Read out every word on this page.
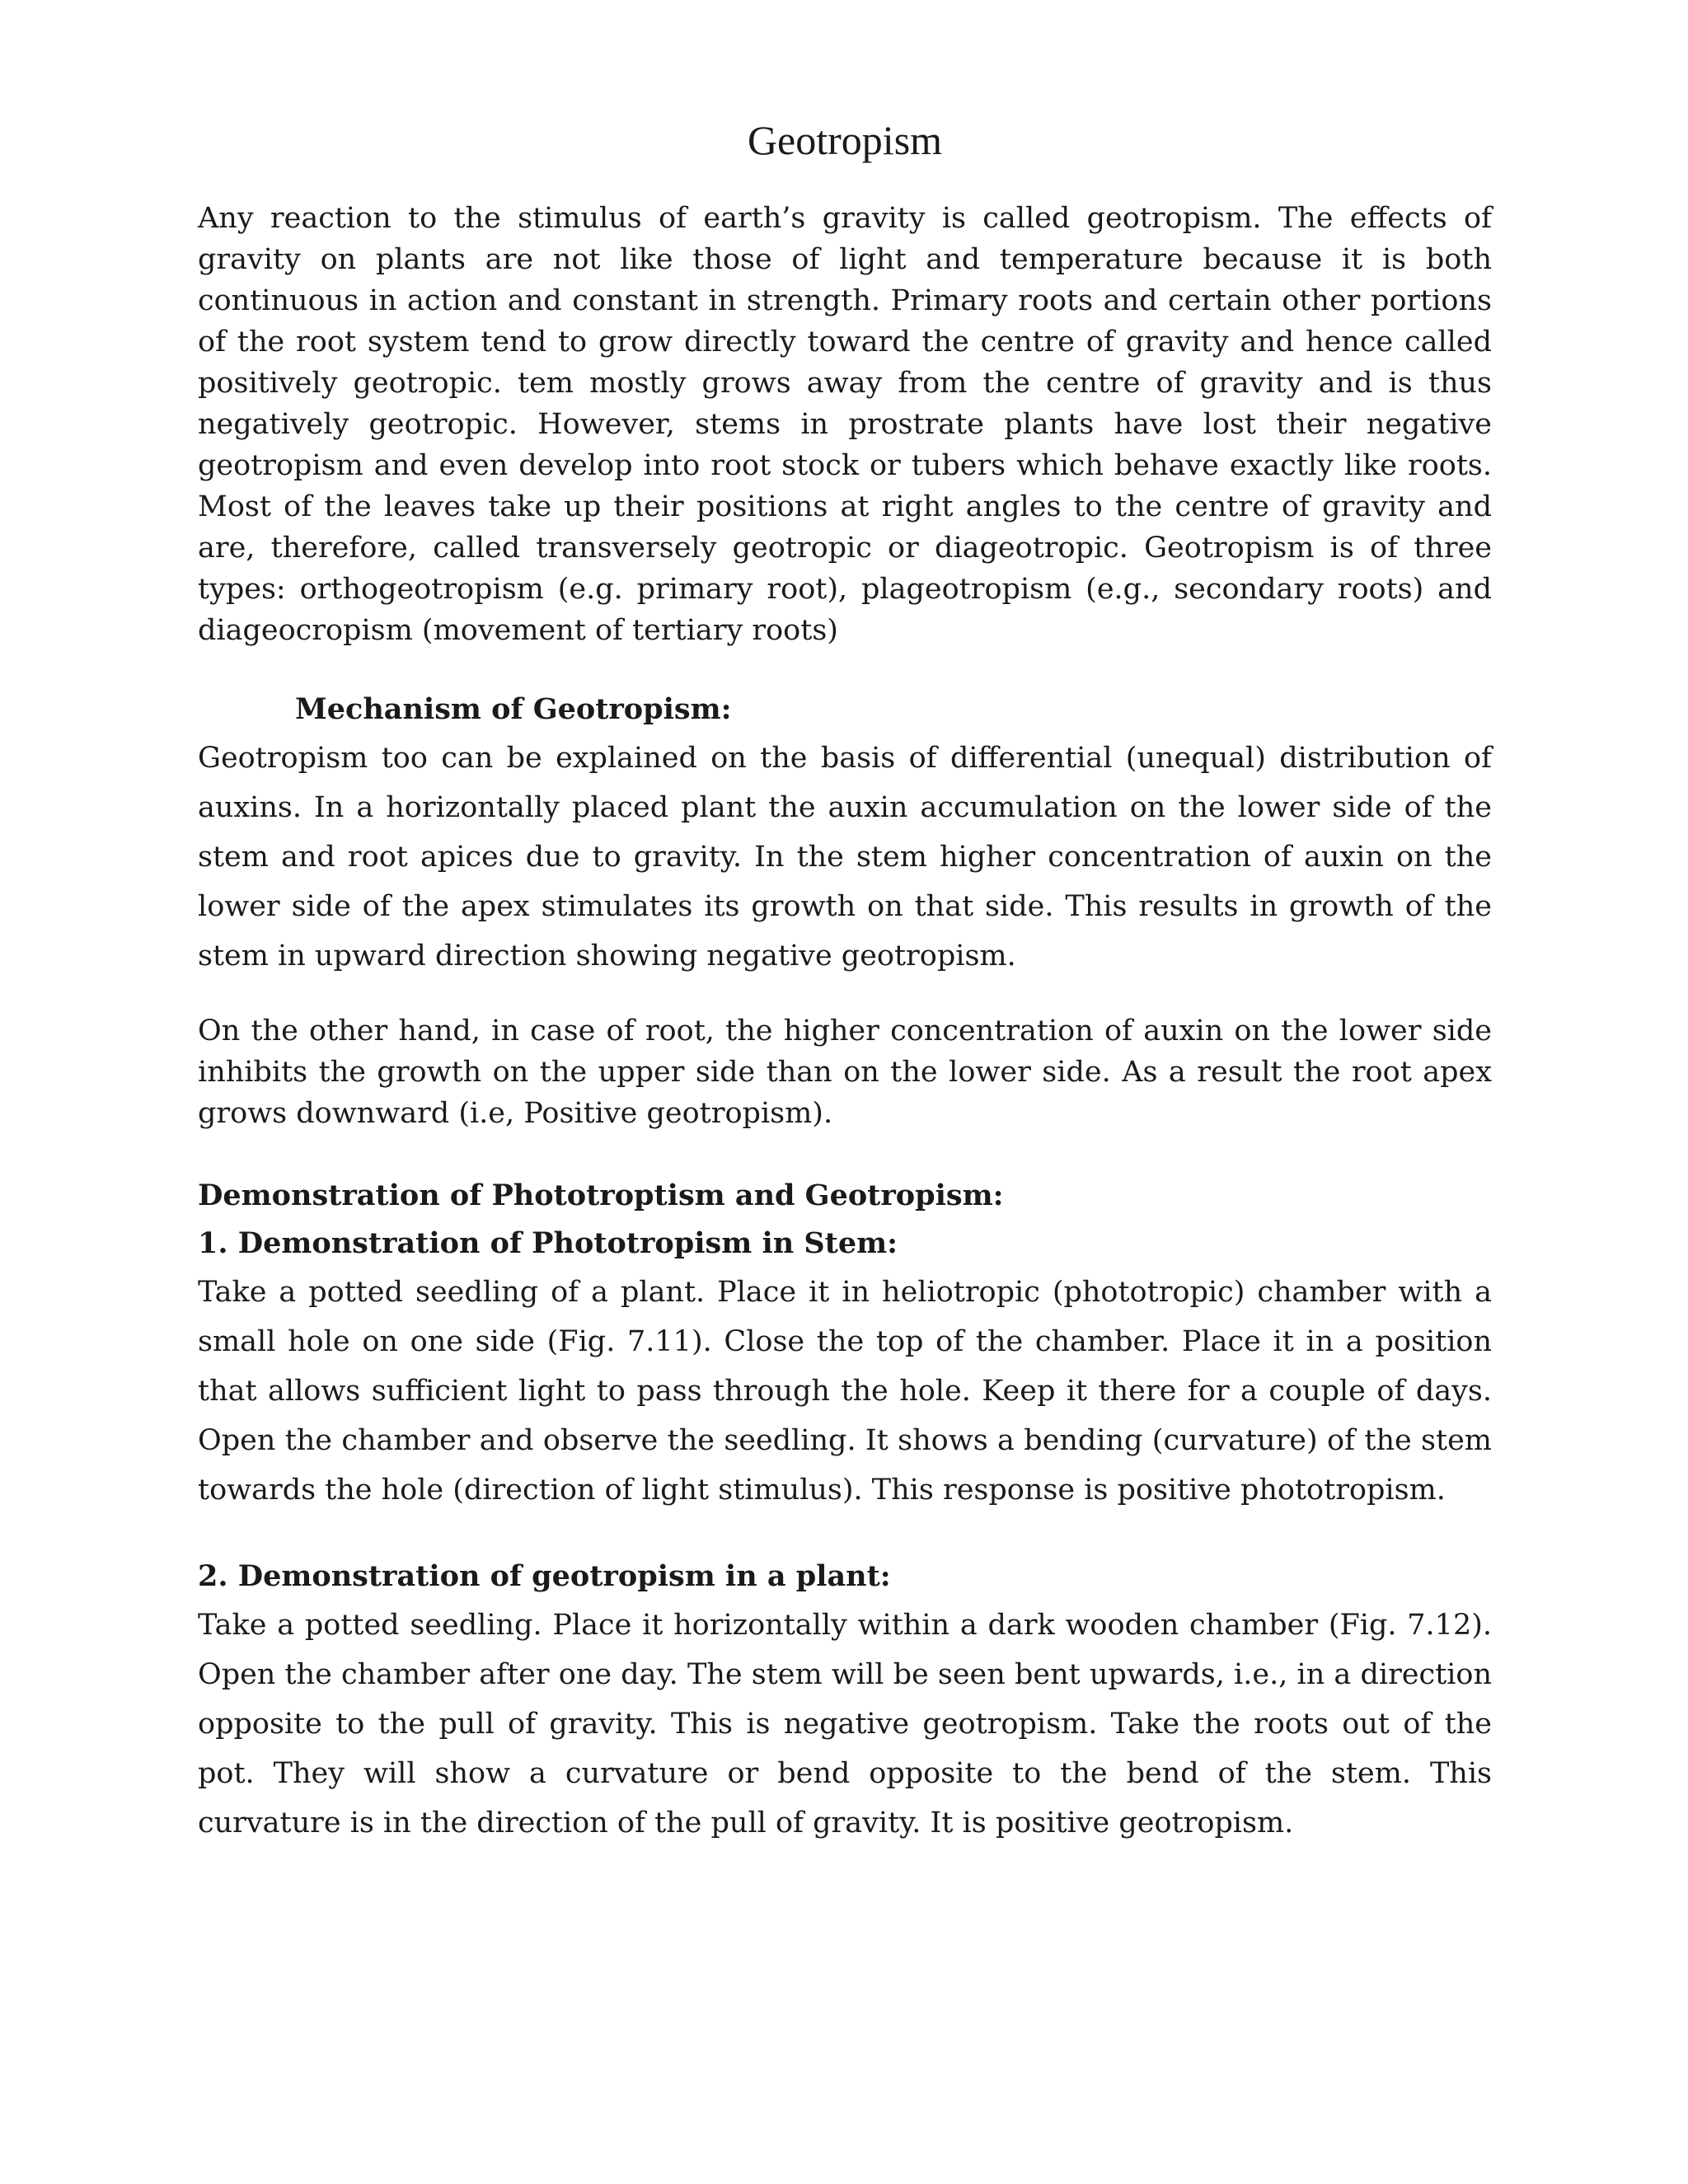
Geotropism

Any reaction to the stimulus of earth’s gravity is called geotropism. The effects of gravity on plants are not like those of light and temperature because it is both continuous in action and constant in strength. Primary roots and certain other portions of the root system tend to grow directly toward the centre of gravity and hence called positively geotropic. tem mostly grows away from the centre of gravity and is thus negatively geotropic. However, stems in prostrate plants have lost their negative geotropism and even develop into root stock or tubers which behave exactly like roots. Most of the leaves take up their positions at right angles to the centre of gravity and are, therefore, called transversely geotropic or diageotropic. Geotropism is of three types: orthogeotropism (e.g. primary root), plageotropism (e.g., secondary roots) and diageocropism (movement of tertiary roots)

Mechanism of Geotropism:

Geotropism too can be explained on the basis of differential (unequal) distribution of auxins. In a horizontally placed plant the auxin accumulation on the lower side of the stem and root apices due to gravity. In the stem higher concentration of auxin on the lower side of the apex stimulates its growth on that side. This results in growth of the stem in upward direction showing negative geotropism.

On the other hand, in case of root, the higher concentration of auxin on the lower side inhibits the growth on the upper side than on the lower side. As a result the root apex grows downward (i.e, Positive geotropism).

Demonstration of Phototroptism and Geotropism:

1. Demonstration of Phototropism in Stem:

Take a potted seedling of a plant. Place it in heliotropic (phototropic) chamber with a small hole on one side (Fig. 7.11). Close the top of the chamber. Place it in a position that allows sufficient light to pass through the hole. Keep it there for a couple of days. Open the chamber and observe the seedling. It shows a bending (curvature) of the stem towards the hole (direction of light stimulus). This response is positive phototropism.

2. Demonstration of geotropism in a plant:

Take a potted seedling. Place it horizontally within a dark wooden chamber (Fig. 7.12). Open the chamber after one day. The stem will be seen bent upwards, i.e., in a direction opposite to the pull of gravity. This is negative geotropism. Take the roots out of the pot. They will show a curvature or bend opposite to the bend of the stem. This curvature is in the direction of the pull of gravity. It is positive geotropism.
